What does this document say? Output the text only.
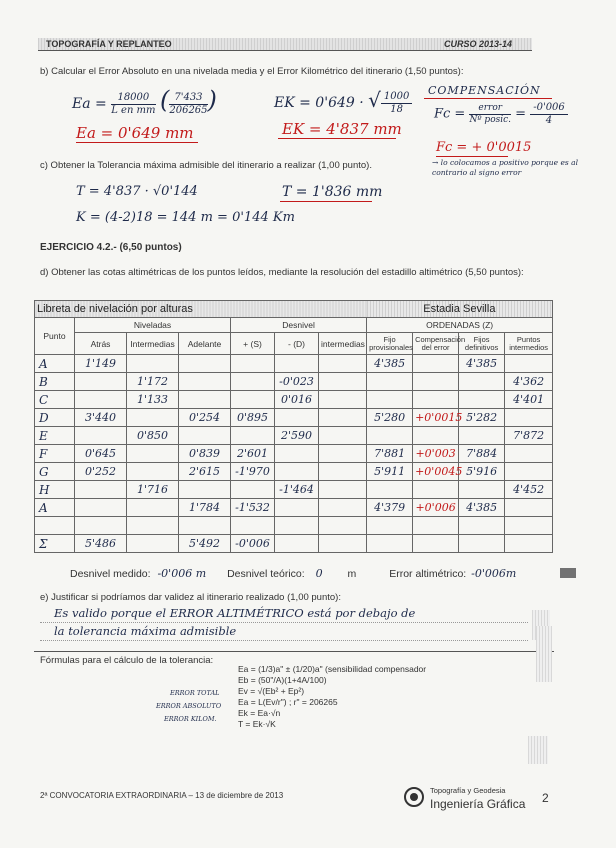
TOPOGRAFÍA Y REPLANTEO	CURSO 2013-14
b) Calcular el Error Absoluto en una nivelada media y el Error Kilométrico del itinerario (1,50 puntos):
$Ea = \frac{18000}{\text{L en mm}}$ ( $\frac{7'433}{206265}$ )
Ea = 0'649 mm
EK = 0'649 · √ $\frac{1000}{18}$
EK = 4'837 mm
COMPENSACIÓN
$Fc = \frac{\text{error}}{\text{Nº posic.}} = \frac{-0'006}{4}$
Fc = + 0'0015
→ lo colocamos a positivo porque es al contrario al signo error
c) Obtener la Tolerancia máxima admisible del itinerario a realizar (1,00 punto).
T = 4'837 · √0'144	T = 1'836 mm
K = (4-2)18 = 144 m = 0'144 Km
EJERCICIO 4.2.- (6,50 puntos)
d) Obtener las cotas altimétricas de los puntos leídos, mediante la resolución del estadillo altimétrico (5,50 puntos):
Libreta de nivelación por alturas							Estadia Sevilla			
Punto	Niveladas			Desnivel			ORDENADAS (Z)			
	Atrás	Intermedias	Adelante	+ (S)	- (D)	intermedias	Fijo provisionales	Compensación del error	Fijos definitivos	Puntos intermedios
A	1'149						4'385		4'385	
B		1'172			-0'023					4'362
C		1'133			0'016					4'401
D	3'440		0'254	0'895			5'280	+0'0015	5'282	
E		0'850			2'590					7'872
F	0'645		0'839	2'601			7'881	+0'003	7'884	
G	0'252		2'615	-1'970			5'911	+0'0045	5'916	
H		1'716			-1'464					4'452
A			1'784	-1'532			4'379	+0'006	4'385	

Σ	5'486		5'492	-0'006						
Desnivel medido: -0'006 m Desnivel teórico: 0 m	Error altimétrico: -0'006m
e) Justificar si podríamos dar validez al itinerario realizado (1,00 punto):
Es valido porque el ERROR ALTIMÉTRICO está por debajo de
la tolerancia máxima admisible
Fórmulas para el cálculo de la tolerancia:
Ea = (1/3)a" ± (1/20)a" (sensibilidad compensador
Eb = (50"/A)(1+4A/100)
Ev = √(Eb² + Ep²)
Ea = L(Ev/r") ; r" = 206265
Ek = Ea·√n
T = Ek·√K
ERROR TOTAL
ERROR ABSOLUTO
ERROR KILOM.
2ª CONVOCATORIA EXTRAORDINARIA – 13 de diciembre de 2013
Topografía y Geodesia
Ingeniería Gráfica 2
